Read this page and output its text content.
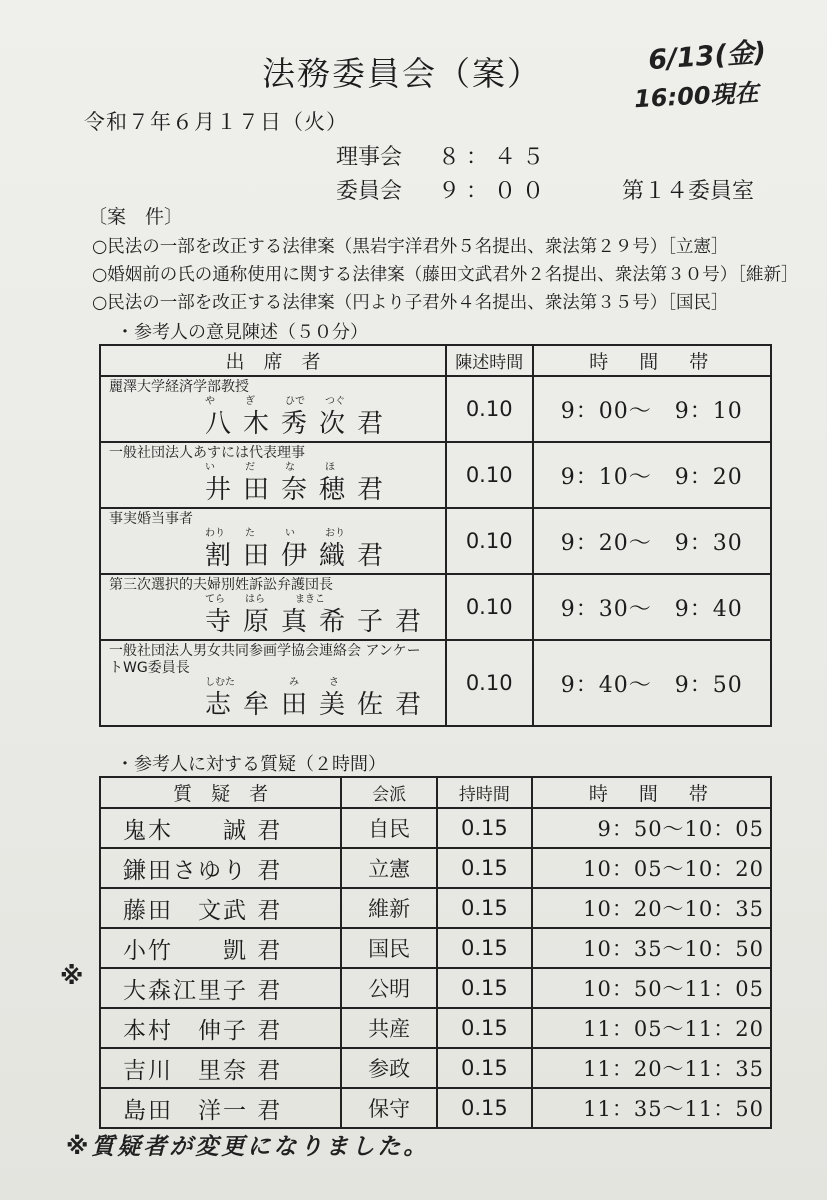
法務委員会（案）	6/13(金)
16:00現在
令和７年６月１７日（火）
理事会 ８：４５
委員会 ９：００	第１４委員室
〔案　件〕
○民法の一部を改正する法律案（黒岩宇洋君外５名提出、衆法第２９号）［立憲］
○婚姻前の氏の通称使用に関する法律案（藤田文武君外２名提出、衆法第３０号）［維新］
○民法の一部を改正する法律案（円より子君外４名提出、衆法第３５号）［国民］
・参考人の意見陳述（５０分）
出　席　者	陳述時間	時　間　帯

麗澤大学経済学部教授
や ぎ ひで つぐ
八木秀次君	0.10	9：00〜　9：10

一般社団法人あすには代表理事
い だ な ほ
井田奈穂君	0.10	9：10〜　9：20

事実婚当事者
わり た い おり
割田伊織君	0.10	9：20〜　9：30

第三次選択的夫婦別姓訴訟弁護団長
てら はら まきこ
寺原真希子君	0.10	9：30〜　9：40

一般社団法人男女共同参画学協会連絡会 アンケートWG委員長
しむた み さ
志牟田美佐君	0.10	9：40〜　9：50
・参考人に対する質疑（２時間）
質　疑　者	会派	持時間	時　間　帯
鬼木　　誠 君	自民	0.15	9：50〜10：05
鎌田さゆり 君	立憲	0.15	10：05〜10：20
藤田　文武 君	維新	0.15	10：20〜10：35
小竹　　凱 君	国民	0.15	10：35〜10：50
大森江里子 君	公明	0.15	10：50〜11：05
本村　伸子 君	共産	0.15	11：05〜11：20
吉川　里奈 君	参政	0.15	11：20〜11：35
島田　洋一 君	保守	0.15	11：35〜11：50
※
※質疑者が変更になりました。
